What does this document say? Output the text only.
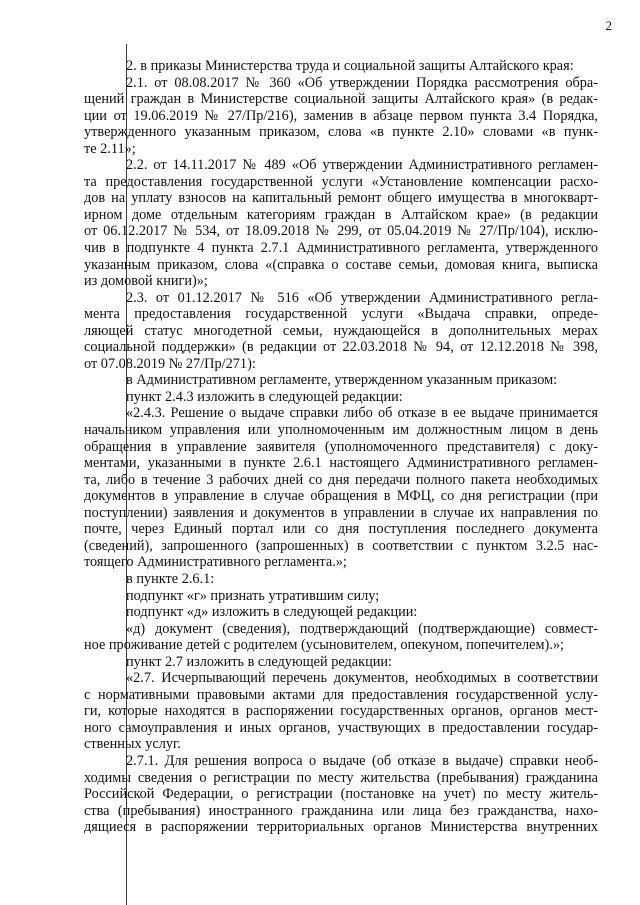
2
2. в приказы Министерства труда и социальной защиты Алтайского края:
2.1. от 08.08.2017 № 360 «Об утверждении Порядка рассмотрения обра-
щений граждан в Министерстве социальной защиты Алтайского края» (в редак-
ции от 19.06.2019 № 27/Пр/216), заменив в абзаце первом пункта 3.4 Порядка,
утвержденного указанным приказом, слова «в пункте 2.10» словами «в пунк-
те 2.11»;
2.2. от 14.11.2017 № 489 «Об утверждении Административного регламен-
та предоставления государственной услуги «Установление компенсации расхо-
дов на уплату взносов на капитальный ремонт общего имущества в многокварт-
ирном доме отдельным категориям граждан в Алтайском крае» (в редакции
от 06.12.2017 № 534, от 18.09.2018 № 299, от 05.04.2019 № 27/Пр/104), исклю-
чив в подпункте 4 пункта 2.7.1 Административного регламента, утвержденного
указанным приказом, слова «(справка о составе семьи, домовая книга, выписка
из домовой книги)»;
2.3. от 01.12.2017 № 516 «Об утверждении Административного регла-
мента предоставления государственной услуги «Выдача справки, опреде-
ляющей статус многодетной семьи, нуждающейся в дополнительных мерах
социальной поддержки» (в редакции от 22.03.2018 № 94, от 12.12.2018 № 398,
от 07.08.2019 № 27/Пр/271):
в Административном регламенте, утвержденном указанным приказом:
пункт 2.4.3 изложить в следующей редакции:
«2.4.3. Решение о выдаче справки либо об отказе в ее выдаче принимается
начальником управления или уполномоченным им должностным лицом в день
обращения в управление заявителя (уполномоченного представителя) с доку-
ментами, указанными в пункте 2.6.1 настоящего Административного регламен-
та, либо в течение 3 рабочих дней со дня передачи полного пакета необходимых
документов в управление в случае обращения в МФЦ, со дня регистрации (при
поступлении) заявления и документов в управлении в случае их направления по
почте, через Единый портал или со дня поступления последнего документа
(сведений), запрошенного (запрошенных) в соответствии с пунктом 3.2.5 нас-
тоящего Административного регламента.»;
в пункте 2.6.1:
подпункт «г» признать утратившим силу;
подпункт «д» изложить в следующей редакции:
«д) документ (сведения), подтверждающий (подтверждающие) совмест-
ное проживание детей с родителем (усыновителем, опекуном, попечителем).»;
пункт 2.7 изложить в следующей редакции:
«2.7. Исчерпывающий перечень документов, необходимых в соответствии
с нормативными правовыми актами для предоставления государственной услу-
ги, которые находятся в распоряжении государственных органов, органов мест-
ного самоуправления и иных органов, участвующих в предоставлении государ-
ственных услуг.
2.7.1. Для решения вопроса о выдаче (об отказе в выдаче) справки необ-
ходимы сведения о регистрации по месту жительства (пребывания) гражданина
Российской Федерации, о регистрации (постановке на учет) по месту житель-
ства (пребывания) иностранного гражданина или лица без гражданства, нахо-
дящиеся в распоряжении территориальных органов Министерства внутренних
